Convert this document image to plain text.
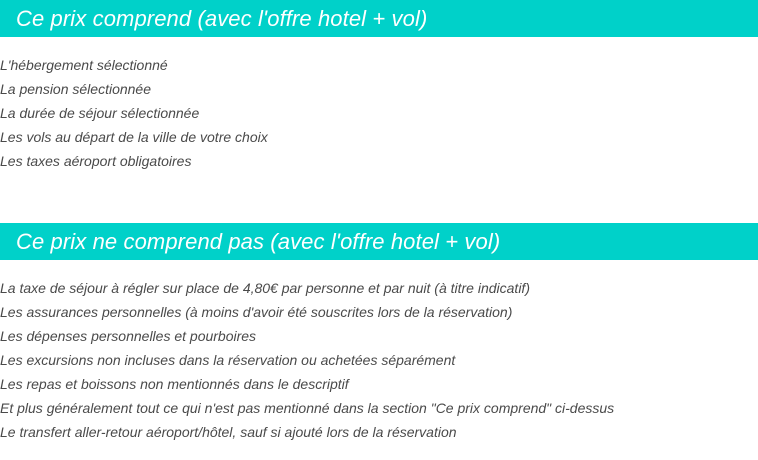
Ce prix comprend (avec l'offre hotel + vol)
L'hébergement sélectionné
La pension sélectionnée
La durée de séjour sélectionnée
Les vols au départ de la ville de votre choix
Les taxes aéroport obligatoires
Ce prix ne comprend pas (avec l'offre hotel + vol)
La taxe de séjour à régler sur place de 4,80€ par personne et par nuit (à titre indicatif)
Les assurances personnelles (à moins d'avoir été souscrites lors de la réservation)
Les dépenses personnelles et pourboires
Les excursions non incluses dans la réservation ou achetées séparément
Les repas et boissons non mentionnés dans le descriptif
Et plus généralement tout ce qui n'est pas mentionné dans la section "Ce prix comprend" ci-dessus
Le transfert aller-retour aéroport/hôtel, sauf si ajouté lors de la réservation
